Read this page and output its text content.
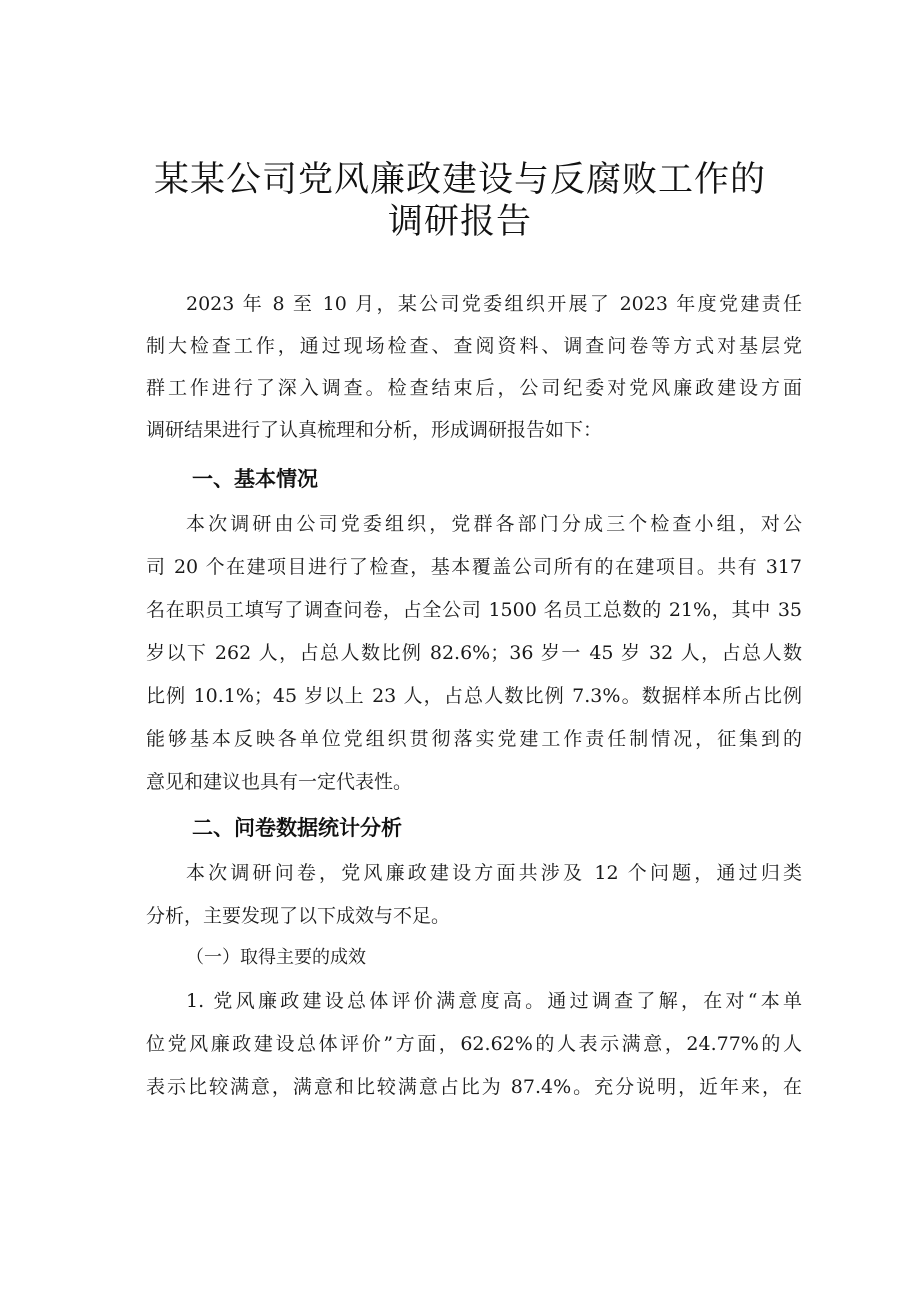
某某公司党风廉政建设与反腐败工作的
调研报告
2023 年 8 至 10 月，某公司党委组织开展了 2023 年度党建责任
制大检查工作，通过现场检查、查阅资料、调查问卷等方式对基层党
群工作进行了深入调查。检查结束后，公司纪委对党风廉政建设方面
调研结果进行了认真梳理和分析，形成调研报告如下：
一、基本情况
本次调研由公司党委组织，党群各部门分成三个检查小组，对公
司 20 个在建项目进行了检查，基本覆盖公司所有的在建项目。共有 317
名在职员工填写了调查问卷，占全公司 1500 名员工总数的 21%，其中 35
岁以下 262 人，占总人数比例 82.6%；36 岁一 45 岁 32 人，占总人数
比例 10.1%；45 岁以上 23 人，占总人数比例 7.3%。数据样本所占比例
能够基本反映各单位党组织贯彻落实党建工作责任制情况，征集到的
意见和建议也具有一定代表性。
二、问卷数据统计分析
本次调研问卷，党风廉政建设方面共涉及 12 个问题，通过归类
分析，主要发现了以下成效与不足。
（一）取得主要的成效
1. 党风廉政建设总体评价满意度高。通过调查了解，在对“本单
位党风廉政建设总体评价”方面，62.62%的人表示满意，24.77%的人
表示比较满意，满意和比较满意占比为 87.4%。充分说明，近年来，在
